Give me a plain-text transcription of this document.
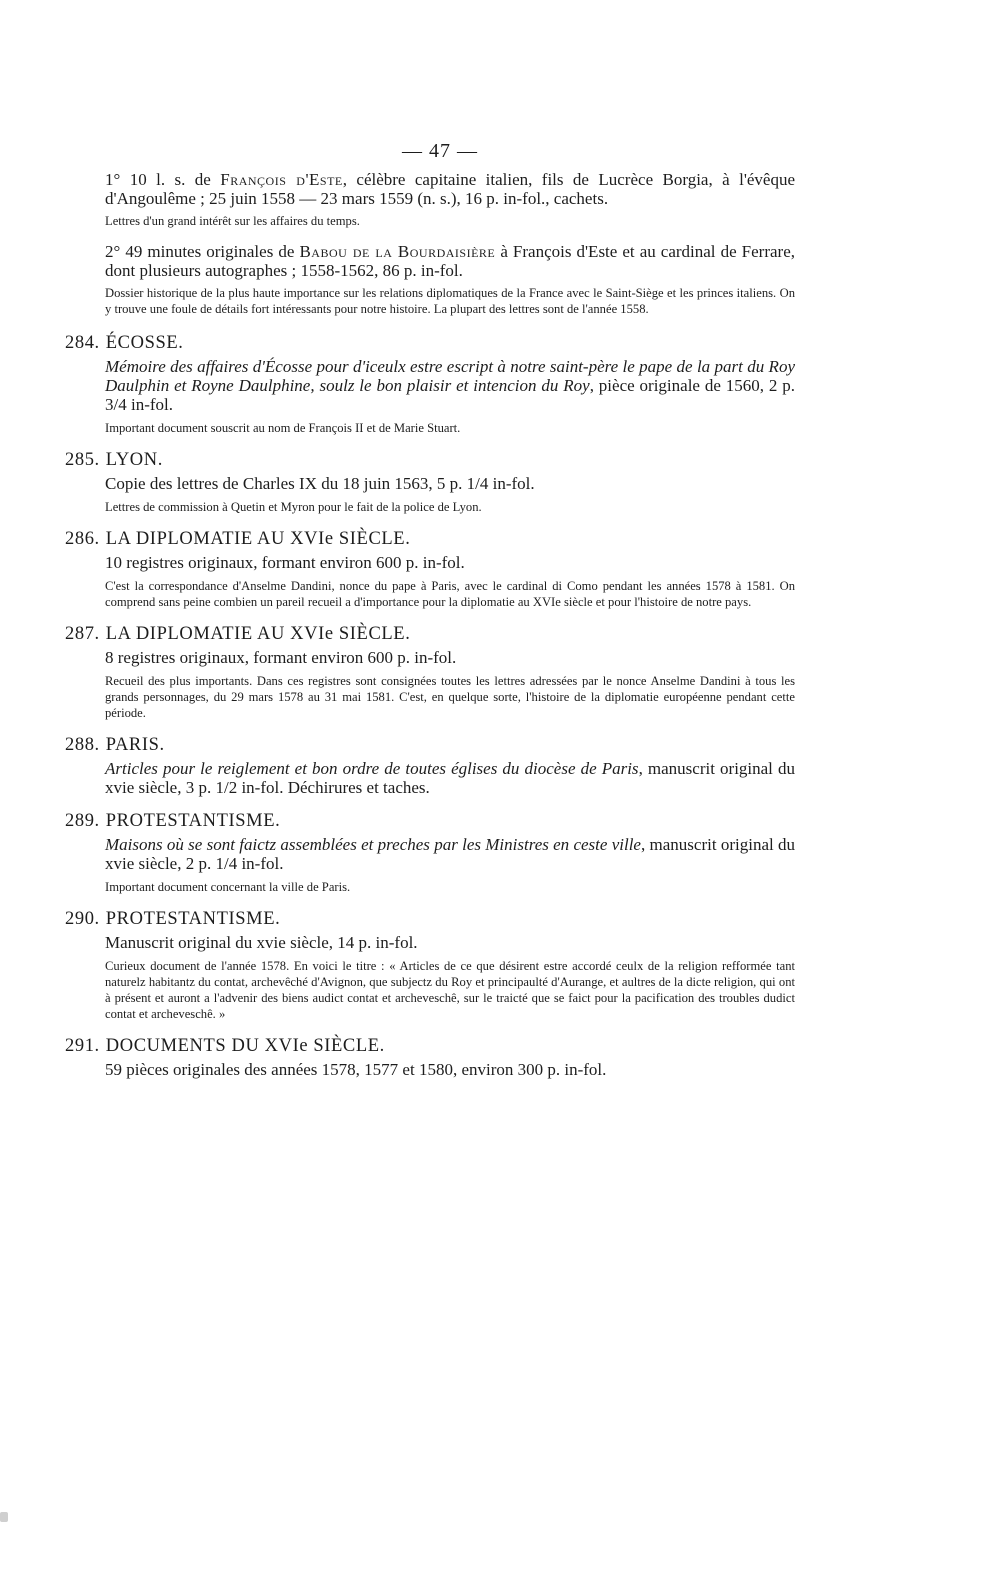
— 47 —

1° 10 l. s. de François d'Este, célèbre capitaine italien, fils de Lucrèce Borgia, à l'évêque d'Angoulême ; 25 juin 1558 — 23 mars 1559 (n. s.), 16 p. in-fol., cachets.

Lettres d'un grand intérêt sur les affaires du temps.

2° 49 minutes originales de Babou de la Bourdaisière à François d'Este et au cardinal de Ferrare, dont plusieurs autographes ; 1558-1562, 86 p. in-fol.

Dossier historique de la plus haute importance sur les relations diplomatiques de la France avec le Saint-Siège et les princes italiens. On y trouve une foule de détails fort intéressants pour notre histoire. La plupart des lettres sont de l'année 1558.

284. ÉCOSSE.
Mémoire des affaires d'Écosse pour d'iceulx estre escript à notre saint-père le pape de la part du Roy Daulphin et Royne Daulphine, soulz le bon plaisir et intencion du Roy, pièce originale de 1560, 2 p. 3/4 in-fol.

Important document souscrit au nom de François II et de Marie Stuart.

285. LYON.
Copie des lettres de Charles IX du 18 juin 1563, 5 p. 1/4 in-fol.

Lettres de commission à Quetin et Myron pour le fait de la police de Lyon.

286. LA DIPLOMATIE AU XVIe SIÈCLE.
10 registres originaux, formant environ 600 p. in-fol.

C'est la correspondance d'Anselme Dandini, nonce du pape à Paris, avec le cardinal di Como pendant les années 1578 à 1581. On comprend sans peine combien un pareil recueil a d'importance pour la diplomatie au XVIe siècle et pour l'histoire de notre pays.

287. LA DIPLOMATIE AU XVIe SIÈCLE.
8 registres originaux, formant environ 600 p. in-fol.

Recueil des plus importants. Dans ces registres sont consignées toutes les lettres adressées par le nonce Anselme Dandini à tous les grands personnages, du 29 mars 1578 au 31 mai 1581. C'est, en quelque sorte, l'histoire de la diplomatie européenne pendant cette période.

288. PARIS.
Articles pour le reiglement et bon ordre de toutes églises du diocèse de Paris, manuscrit original du xvie siècle, 3 p. 1/2 in-fol. Déchirures et taches.
289. PROTESTANTISME.
Maisons où se sont faictz assemblées et preches par les Ministres en ceste ville, manuscrit original du xvie siècle, 2 p. 1/4 in-fol.

Important document concernant la ville de Paris.

290. PROTESTANTISME.
Manuscrit original du xvie siècle, 14 p. in-fol.

Curieux document de l'année 1578. En voici le titre : « Articles de ce que désirent estre accordé ceulx de la religion refformée tant naturelz habitantz du contat, archevêché d'Avignon, que subjectz du Roy et principaulté d'Aurange, et aultres de la dicte religion, qui ont à présent et auront a l'advenir des biens audict contat et archeveschê, sur le traicté que se faict pour la pacification des troubles dudict contat et archeveschê. »

291. DOCUMENTS DU XVIe SIÈCLE.
59 pièces originales des années 1578, 1577 et 1580, environ 300 p. in-fol.
